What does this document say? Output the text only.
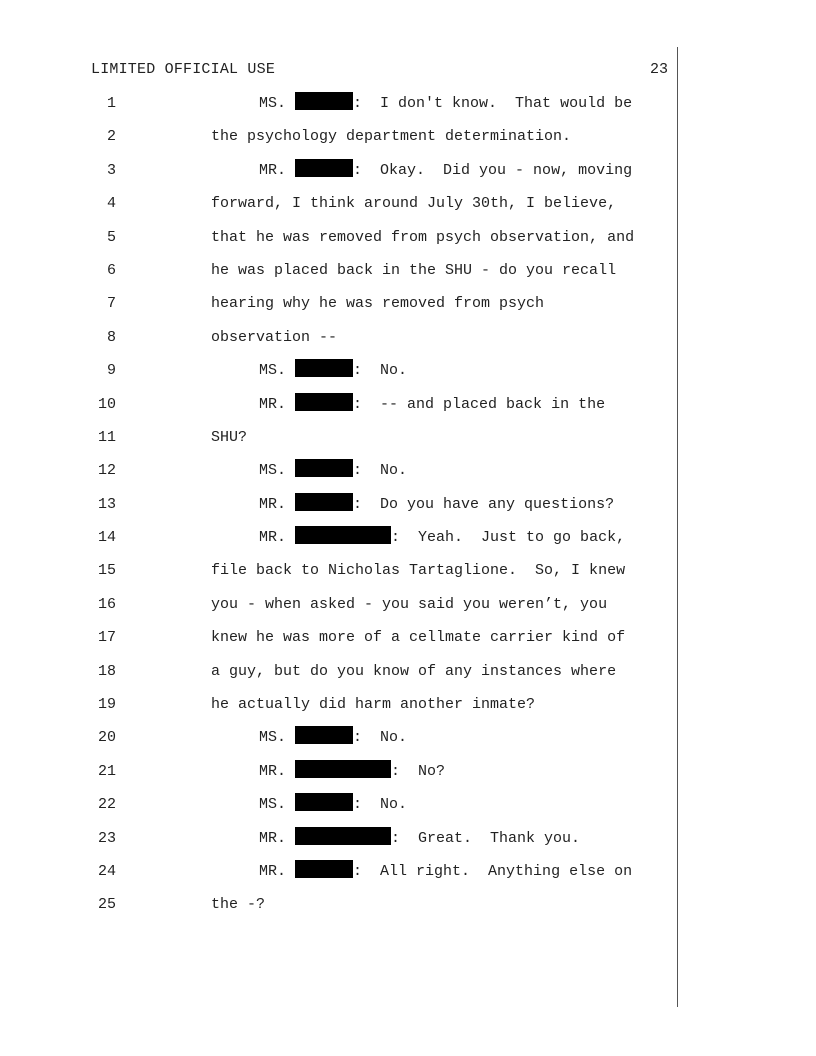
LIMITED OFFICIAL USE	23
1	MS.	:  I don't know.  That would be
2	the psychology department determination.
3	MR.	:  Okay.  Did you - now, moving
4	forward, I think around July 30th, I believe,
5	that he was removed from psych observation, and
6	he was placed back in the SHU - do you recall
7	hearing why he was removed from psych
8	observation --
9	MS.	:  No.
10	MR.	:  -- and placed back in the
11	SHU?
12	MS.	:  No.
13	MR.	:  Do you have any questions?
14	MR.	:  Yeah.  Just to go back,
15	file back to Nicholas Tartaglione.  So, I knew
16	you - when asked - you said you weren’t, you
17	knew he was more of a cellmate carrier kind of
18	a guy, but do you know of any instances where
19	he actually did harm another inmate?
20	MS.	:  No.
21	MR.	:  No?
22	MS.	:  No.
23	MR.	:  Great.  Thank you.
24	MR.	:  All right.  Anything else on
25	the -?
